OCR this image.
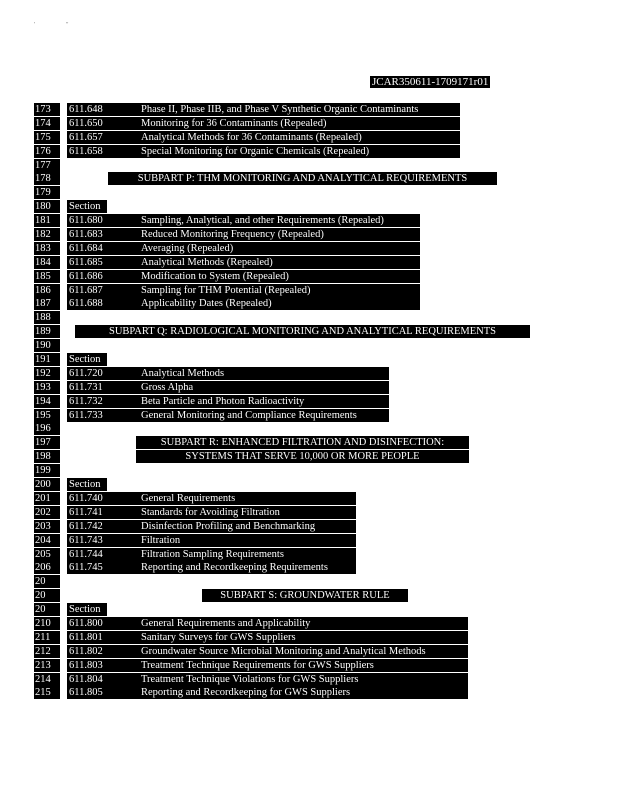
'	"
JCAR350611-1709171r01
173	611.648	Phase II, Phase IIB, and Phase V Synthetic Organic Contaminants
174	611.650	Monitoring for 36 Contaminants (Repealed)
175	611.657	Analytical Methods for 36 Contaminants (Repealed)
176	611.658	Special Monitoring for Organic Chemicals (Repealed)
177
178	SUBPART P: THM MONITORING AND ANALYTICAL REQUIREMENTS
179
180	Section
181	611.680	Sampling, Analytical, and other Requirements (Repealed)
182	611.683	Reduced Monitoring Frequency (Repealed)
183	611.684	Averaging (Repealed)
184	611.685	Analytical Methods (Repealed)
185	611.686	Modification to System (Repealed)
186	611.687	Sampling for THM Potential (Repealed)
187	611.688	Applicability Dates (Repealed)
188
189	SUBPART Q: RADIOLOGICAL MONITORING AND ANALYTICAL REQUIREMENTS
190
191	Section
192	611.720	Analytical Methods
193	611.731	Gross Alpha
194	611.732	Beta Particle and Photon Radioactivity
195	611.733	General Monitoring and Compliance Requirements
196
197	SUBPART R: ENHANCED FILTRATION AND DISINFECTION:
198	SYSTEMS THAT SERVE 10,000 OR MORE PEOPLE
199
200	Section
201	611.740	General Requirements
202	611.741	Standards for Avoiding Filtration
203	611.742	Disinfection Profiling and Benchmarking
204	611.743	Filtration
205	611.744	Filtration Sampling Requirements
206	611.745	Reporting and Recordkeeping Requirements
20
20	SUBPART S: GROUNDWATER RULE
20	Section
210	611.800	General Requirements and Applicability
211	611.801	Sanitary Surveys for GWS Suppliers
212	611.802	Groundwater Source Microbial Monitoring and Analytical Methods
213	611.803	Treatment Technique Requirements for GWS Suppliers
214	611.804	Treatment Technique Violations for GWS Suppliers
215	611.805	Reporting and Recordkeeping for GWS Suppliers
